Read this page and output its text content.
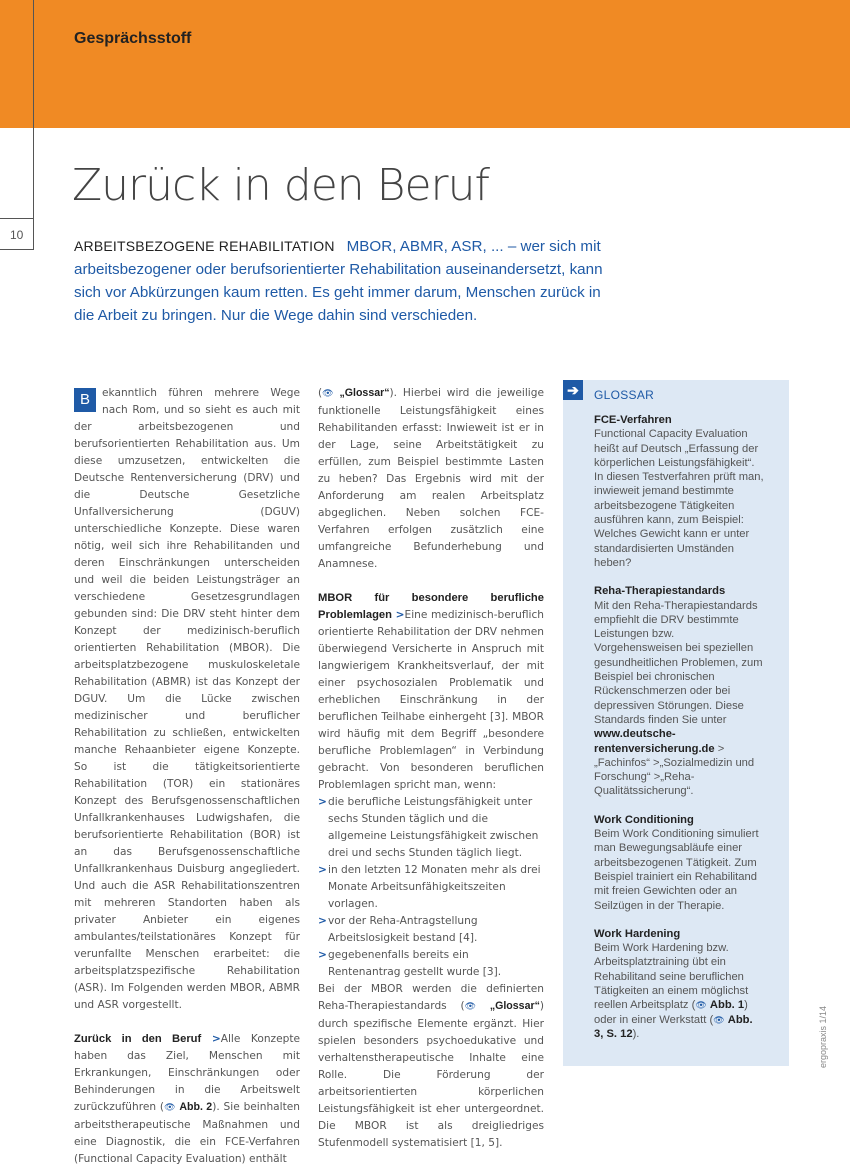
Gesprächsstoff
10
Zurück in den Beruf
ARBEITSBEZOGENE REHABILITATION MBOR, ABMR, ASR, ... – wer sich mit arbeitsbezogener oder berufsorientierter Rehabilitation auseinandersetzt, kann sich vor Abkürzungen kaum retten. Es geht immer darum, Menschen zurück in die Arbeit zu bringen. Nur die Wege dahin sind verschieden.

B	ekanntlich führen mehrere Wege nach Rom, und so sieht es auch mit der arbeitsbezogenen und berufsorientierten Rehabilitation aus. Um diese umzusetzen, entwickelten die Deutsche Rentenversicherung (DRV) und die Deutsche Gesetzliche Unfallversicherung (DGUV) unterschiedliche Konzepte. Diese waren nötig, weil sich ihre Rehabilitanden und deren Einschränkungen unterscheiden und weil die beiden Leistungsträger an verschiedene Gesetzesgrundlagen gebunden sind: Die DRV steht hinter dem Konzept der medizinisch-beruflich orientierten Rehabilitation (MBOR). Die arbeitsplatzbezogene muskuloskeletale Rehabilitation (ABMR) ist das Konzept der DGUV. Um die Lücke zwischen medizinischer und beruflicher Rehabilitation zu schließen, entwickelten manche Rehaanbieter eigene Konzepte. So ist die tätigkeitsorientierte Rehabilitation (TOR) ein stationäres Konzept des Berufsgenossenschaftlichen Unfallkrankenhauses Ludwigshafen, die berufsorientierte Rehabilitation (BOR) ist an das Berufsgenossenschaftliche Unfallkrankenhaus Duisburg angegliedert. Und auch die ASR Rehabilitationszentren mit mehreren Standorten haben als privater Anbieter ein eigenes ambulantes/teilstationäres Konzept für verunfallte Menschen erarbeitet: die arbeitsplatzspezifische Rehabilitation (ASR). Im Folgenden werden MBOR, ABMR und ASR vorgestellt.

Zurück in den Beruf >Alle Konzepte haben das Ziel, Menschen mit Erkrankungen, Einschränkungen oder Behinderungen in die Arbeitswelt zurückzuführen (👁 Abb. 2). Sie beinhalten arbeitstherapeutische Maßnahmen und eine Diagnostik, die ein FCE-Verfahren (Functional Capacity Evaluation) enthält

(👁 „Glossar“). Hierbei wird die jeweilige funktionelle Leistungsfähigkeit eines Rehabilitanden erfasst: Inwieweit ist er in der Lage, seine Arbeitstätigkeit zu erfüllen, zum Beispiel bestimmte Lasten zu heben? Das Ergebnis wird mit der Anforderung am realen Arbeitsplatz abgeglichen. Neben solchen FCE-Verfahren erfolgen zusätzlich eine umfangreiche Befunderhebung und Anamnese.

MBOR für besondere berufliche Problemlagen >Eine medizinisch-beruflich orientierte Rehabilitation der DRV nehmen überwiegend Versicherte in Anspruch mit langwierigem Krankheitsverlauf, der mit einer psychosozialen Problematik und erheblichen Einschränkung in der beruflichen Teilhabe einhergeht [3]. MBOR wird häufig mit dem Begriff „besondere berufliche Problemlagen“ in Verbindung gebracht. Von besonderen beruflichen Problemlagen spricht man, wenn:

> die berufliche Leistungsfähigkeit unter sechs Stunden täglich und die allgemeine Leistungsfähigkeit zwischen drei und sechs Stunden täglich liegt.
> in den letzten 12 Monaten mehr als drei Monate Arbeitsunfähigkeitszeiten vorlagen.
> vor der Reha-Antragstellung Arbeitslosigkeit bestand [4].
> gegebenenfalls bereits ein Rentenantrag gestellt wurde [3].

Bei der MBOR werden die definierten Reha-Therapiestandards (👁 „Glossar“) durch spezifische Elemente ergänzt. Hier spielen besonders psychoedukative und verhaltenstherapeutische Inhalte eine Rolle. Die Förderung der arbeitsorientierten körperlichen Leistungsfähigkeit ist eher untergeordnet. Die MBOR ist als dreigliedriges Stufenmodell systematisiert [1, 5].

➔	GLOSSAR
FCE-Verfahren
Functional Capacity Evaluation heißt auf Deutsch „Erfassung der körperlichen Leistungsfähigkeit“. In diesen Testverfahren prüft man, inwieweit jemand bestimmte arbeitsbezogene Tätigkeiten ausführen kann, zum Beispiel: Welches Gewicht kann er unter standardisierten Umständen heben?
Reha-Therapiestandards
Mit den Reha-Therapiestandards empfiehlt die DRV bestimmte Leistungen bzw. Vorgehensweisen bei speziellen gesundheitlichen Problemen, zum Beispiel bei chronischen Rückenschmerzen oder bei depressiven Störungen. Diese Standards finden Sie unter www.deutsche-rentenversicherung.de > „Fachinfos“ >„Sozialmedizin und Forschung“ >„Reha-Qualitätssicherung“.
Work Conditioning
Beim Work Conditioning simuliert man Bewegungsabläufe einer arbeitsbezogenen Tätigkeit. Zum Beispiel trainiert ein Rehabilitand mit freien Gewichten oder an Seilzügen in der Therapie.
Work Hardening
Beim Work Hardening bzw. Arbeitsplatztraining übt ein Rehabilitand seine beruflichen Tätigkeiten an einem möglichst reellen Arbeitsplatz (👁 Abb. 1) oder in einer Werkstatt (👁 Abb. 3, S. 12).	ergopraxis 1/14
